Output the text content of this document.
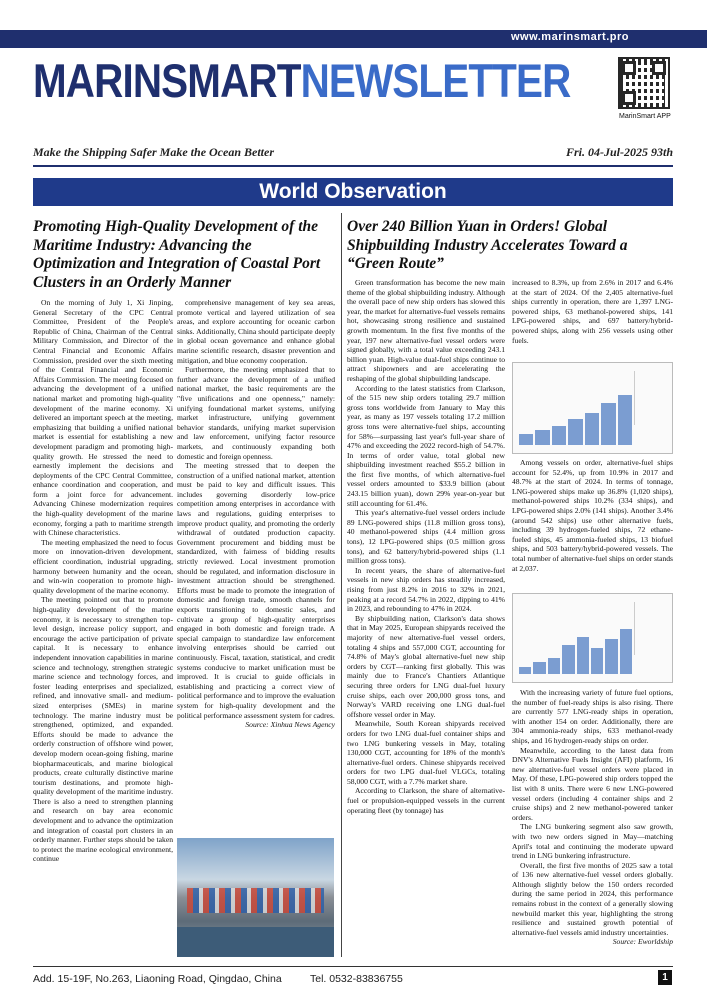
www.marinsmart.pro
MARINSMARTNEWSLETTER
MarinSmart APP
Make the Shipping Safer Make the Ocean Better	Fri. 04-Jul-2025 93th
World Observation
Promoting High-Quality Development of the Maritime Industry: Advancing the Optimization and Integration of Coastal Port Clusters in an Orderly Manner

On the morning of July 1, Xi Jinping, General Secretary of the CPC Central Committee, President of the People's Republic of China, Chairman of the Central Military Commission, and Director of the Central Financial and Economic Affairs Commission, presided over the sixth meeting of the Central Financial and Economic Affairs Commission. The meeting focused on advancing the development of a unified national market and promoting high-quality development of the marine economy. Xi delivered an important speech at the meeting, emphasizing that building a unified national market is essential for establishing a new development paradigm and promoting high-quality growth. He stressed the need to earnestly implement the decisions and deployments of the CPC Central Committee, enhance coordination and cooperation, and form a joint force for advancement. Advancing Chinese modernization requires the high-quality development of the marine economy, forging a path to maritime strength with Chinese characteristics.

The meeting emphasized the need to focus more on innovation-driven development, efficient coordination, industrial upgrading, harmony between humanity and the ocean, and win-win cooperation to promote high-quality development of the marine economy.

The meeting pointed out that to promote high-quality development of the marine economy, it is necessary to strengthen top-level design, increase policy support, and encourage the active participation of private capital. It is necessary to enhance independent innovation capabilities in marine science and technology, strengthen strategic marine science and technology forces, and foster leading enterprises and specialized, refined, and innovative small- and medium-sized enterprises (SMEs) in marine technology. The marine industry must be strengthened, optimized, and expanded. Efforts should be made to advance the orderly construction of offshore wind power, develop modern ocean-going fishing, marine biopharmaceuticals, and marine biological products, create culturally distinctive marine tourism destinations, and promote high-quality development of the maritime industry. There is also a need to strengthen planning and research on bay area economic development and to advance the optimization and integration of coastal port clusters in an orderly manner. Further steps should be taken to protect the marine ecological environment, continue

comprehensive management of key sea areas, promote vertical and layered utilization of sea areas, and explore accounting for oceanic carbon sinks. Additionally, China should participate deeply in global ocean governance and enhance global marine scientific research, disaster prevention and mitigation, and blue economy cooperation.

Furthermore, the meeting emphasized that to further advance the development of a unified national market, the basic requirements are the "five unifications and one openness," namely: unifying foundational market systems, unifying market infrastructure, unifying government behavior standards, unifying market supervision and law enforcement, unifying factor resource markets, and continuously expanding both domestic and foreign openness.

The meeting stressed that to deepen the construction of a unified national market, attention must be paid to key and difficult issues. This includes governing disorderly low-price competition among enterprises in accordance with laws and regulations, guiding enterprises to improve product quality, and promoting the orderly withdrawal of outdated production capacity. Government procurement and bidding must be standardized, with fairness of bidding results strictly reviewed. Local investment promotion should be regulated, and information disclosure in investment attraction should be strengthened. Efforts must be made to promote the integration of domestic and foreign trade, smooth channels for exports transitioning to domestic sales, and cultivate a group of high-quality enterprises engaged in both domestic and foreign trade. A special campaign to standardize law enforcement involving enterprises should be carried out continuously. Fiscal, taxation, statistical, and credit systems conducive to market unification must be improved. It is crucial to guide officials in establishing and practicing a correct view of political performance and to improve the evaluation system for high-quality development and the political performance assessment system for cadres.

Source: Xinhua News Agency

Over 240 Billion Yuan in Orders! Global Shipbuilding Industry Accelerates Toward a “Green Route”

Green transformation has become the new main theme of the global shipbuilding industry. Although the overall pace of new ship orders has slowed this year, the market for alternative-fuel vessels remains hot, showcasing strong resilience and sustained growth momentum. In the first five months of the year, 197 new alternative-fuel vessel orders were signed globally, with a total value exceeding 243.1 billion yuan. High-value dual-fuel ships continue to attract shipowners and are accelerating the reshaping of the global shipbuilding landscape.

According to the latest statistics from Clarkson, of the 515 new ship orders totaling 29.7 million gross tons worldwide from January to May this year, as many as 197 vessels totaling 17.2 million gross tons were alternative-fuel ships, accounting for 58%—surpassing last year's full-year share of 47% and exceeding the 2022 record-high of 54.7%. In terms of order value, total global new shipbuilding investment reached $55.2 billion in the first five months, of which alternative-fuel vessel orders amounted to $33.9 billion (about 243.15 billion yuan), down 29% year-on-year but still accounting for 61.4%.

This year's alternative-fuel vessel orders include 89 LNG-powered ships (11.8 million gross tons), 40 methanol-powered ships (4.4 million gross tons), 12 LPG-powered ships (0.5 million gross tons), and 62 battery/hybrid-powered ships (1.1 million gross tons).

In recent years, the share of alternative-fuel vessels in new ship orders has steadily increased, rising from just 8.2% in 2016 to 32% in 2021, peaking at a record 54.7% in 2022, dipping to 41% in 2023, and rebounding to 47% in 2024.

By shipbuilding nation, Clarkson's data shows that in May 2025, European shipyards received the majority of new alternative-fuel vessel orders, totaling 4 ships and 557,000 CGT, accounting for 74.8% of May's global alternative-fuel new ship orders by CGT—ranking first globally. This was mainly due to France's Chantiers Atlantique securing three orders for LNG dual-fuel luxury cruise ships, each over 200,000 gross tons, and Norway's VARD receiving one LNG dual-fuel offshore vessel order in May.

Meanwhile, South Korean shipyards received orders for two LNG dual-fuel container ships and two LNG bunkering vessels in May, totaling 130,000 CGT, accounting for 18% of the month's alternative-fuel orders. Chinese shipyards received orders for two LPG dual-fuel VLGCs, totaling 58,000 CGT, with a 7.7% market share.

According to Clarkson, the share of alternative-fuel or propulsion-equipped vessels in the current operating fleet (by tonnage) has

increased to 8.3%, up from 2.6% in 2017 and 6.4% at the start of 2024. Of the 2,405 alternative-fuel ships currently in operation, there are 1,397 LNG-powered ships, 63 methanol-powered ships, 141 LPG-powered ships, and 697 battery/hybrid-powered ships, along with 256 vessels using other fuels.

Among vessels on order, alternative-fuel ships account for 52.4%, up from 10.9% in 2017 and 48.7% at the start of 2024. In terms of tonnage, LNG-powered ships make up 36.8% (1,020 ships), methanol-powered ships 10.2% (334 ships), and LPG-powered ships 2.0% (141 ships). Another 3.4% (around 542 ships) use other alternative fuels, including 39 hydrogen-fueled ships, 72 ethane-fueled ships, 45 ammonia-fueled ships, 13 biofuel ships, and 503 battery/hybrid-powered vessels. The total number of alternative-fuel ships on order stands at 2,037.

With the increasing variety of future fuel options, the number of fuel-ready ships is also rising. There are currently 577 LNG-ready ships in operation, with another 154 on order. Additionally, there are 304 ammonia-ready ships, 633 methanol-ready ships, and 16 hydrogen-ready ships on order.

Meanwhile, according to the latest data from DNV's Alternative Fuels Insight (AFI) platform, 16 new alternative-fuel vessel orders were placed in May. Of these, LPG-powered ship orders topped the list with 8 units. There were 6 new LNG-powered vessel orders (including 4 container ships and 2 cruise ships) and 2 new methanol-powered tanker orders.

The LNG bunkering segment also saw growth, with two new orders signed in May—matching April's total and continuing the moderate upward trend in LNG bunkering infrastructure.

Overall, the first five months of 2025 saw a total of 136 new alternative-fuel vessel orders globally. Although slightly below the 150 orders recorded during the same period in 2024, this performance remains robust in the context of a generally slowing newbuild market this year, highlighting the strong resilience and sustained growth potential of alternative-fuel vessels amid industry uncertainties.

Source: Eworldship

Add. 15-19F, No.263, Liaoning Road, Qingdao, China	Tel. 0532-83836755	1
